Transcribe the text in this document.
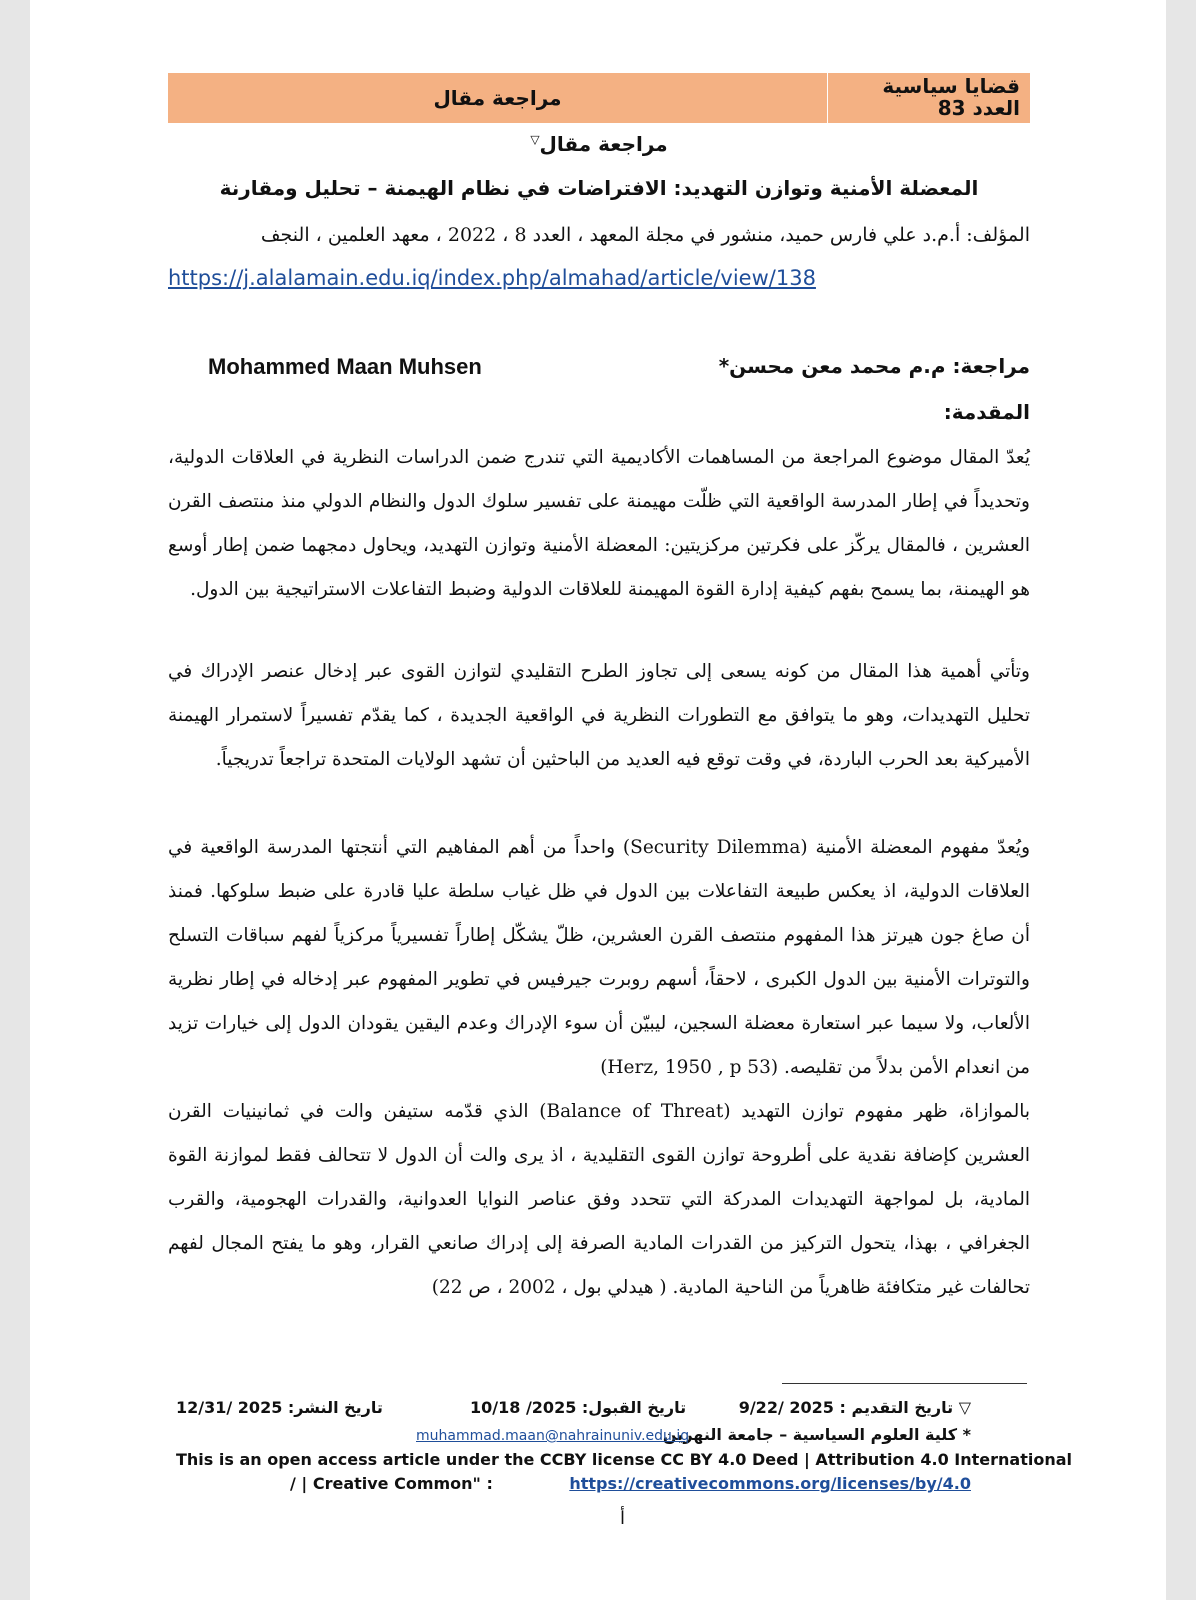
مراجعة مقال	قضايا سياسية
العدد 83
مراجعة مقال▽
المعضلة الأمنية وتوازن التهديد: الافتراضات في نظام الهيمنة – تحليل ومقارنة
المؤلف: أ.م.د علي فارس حميد، منشور في مجلة المعهد ، العدد 8 ، 2022 ، معهد العلمين ، النجف
https://j.alalamain.edu.iq/index.php/almahad/article/view/138
مراجعة: م.م محمد معن محسن*
Mohammed Maan Muhsen
المقدمة:
يُعدّ المقال موضوع المراجعة من المساهمات الأكاديمية التي تندرج ضمن الدراسات النظرية في العلاقات الدولية، وتحديداً في إطار المدرسة الواقعية التي ظلّت مهيمنة على تفسير سلوك الدول والنظام الدولي منذ منتصف القرن العشرين ، فالمقال يركّز على فكرتين مركزيتين: المعضلة الأمنية وتوازن التهديد، ويحاول دمجهما ضمن إطار أوسع هو الهيمنة، بما يسمح بفهم كيفية إدارة القوة المهيمنة للعلاقات الدولية وضبط التفاعلات الاستراتيجية بين الدول.
وتأتي أهمية هذا المقال من كونه يسعى إلى تجاوز الطرح التقليدي لتوازن القوى عبر إدخال عنصر الإدراك في تحليل التهديدات، وهو ما يتوافق مع التطورات النظرية في الواقعية الجديدة ، كما يقدّم تفسيراً لاستمرار الهيمنة الأميركية بعد الحرب الباردة، في وقت توقع فيه العديد من الباحثين أن تشهد الولايات المتحدة تراجعاً تدريجياً.
ويُعدّ مفهوم المعضلة الأمنية (Security Dilemma) واحداً من أهم المفاهيم التي أنتجتها المدرسة الواقعية في العلاقات الدولية، اذ يعكس طبيعة التفاعلات بين الدول في ظل غياب سلطة عليا قادرة على ضبط سلوكها. فمنذ أن صاغ جون هيرتز هذا المفهوم منتصف القرن العشرين، ظلّ يشكّل إطاراً تفسيرياً مركزياً لفهم سباقات التسلح والتوترات الأمنية بين الدول الكبرى ، لاحقاً، أسهم روبرت جيرفيس في تطوير المفهوم عبر إدخاله في إطار نظرية الألعاب، ولا سيما عبر استعارة معضلة السجين، ليبيّن أن سوء الإدراك وعدم اليقين يقودان الدول إلى خيارات تزيد من انعدام الأمن بدلاً من تقليصه. (Herz, 1950 , p 53)
بالموازاة، ظهر مفهوم توازن التهديد (Balance of Threat) الذي قدّمه ستيفن والت في ثمانينيات القرن العشرين كإضافة نقدية على أطروحة توازن القوى التقليدية ، اذ يرى والت أن الدول لا تتحالف فقط لموازنة القوة المادية، بل لمواجهة التهديدات المدركة التي تتحدد وفق عناصر النوايا العدوانية، والقدرات الهجومية، والقرب الجغرافي ، بهذا، يتحول التركيز من القدرات المادية الصرفة إلى إدراك صانعي القرار، وهو ما يفتح المجال لفهم تحالفات غير متكافئة ظاهرياً من الناحية المادية. ( هيدلي بول ، 2002 ، ص 22)
▽ تاريخ التقديم : 2025 /9/22
تاريخ القبول: 2025/ 10/18
تاريخ النشر: 2025 /12/31
* كلية العلوم السياسية – جامعة النهرين
muhammad.maan@nahrainuniv.edu.iq
This is an open access article under the CCBY license CC BY 4.0 Deed | Attribution 4.0 International
/ | Creative Common" :	https://creativecommons.org/licenses/by/4.0
أ
